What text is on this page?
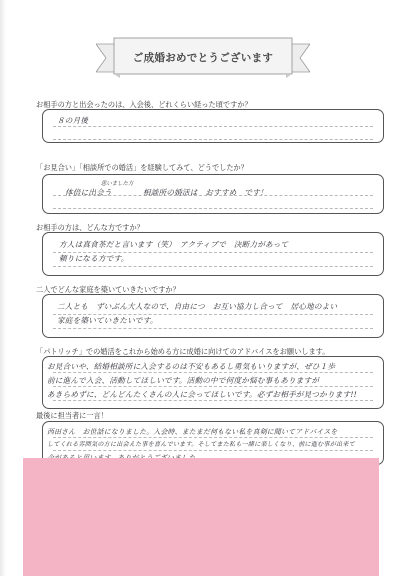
ご成婚おめでとうございます
お相手の方と出会ったのは、入会後、どれくらい経った頃ですか？
８の月後
「お見合い」「相談所での婚活」を経験してみて、どうでしたか？
思いました方
体倍に出会う　　　　相談所の婚活は　おすすめ　です！
お相手の方は、どんな方ですか？
方人は真食茶だと言います（笑）　アクティブで　決断力があって
頼りになる方です。
二人でどんな家庭を築いていきたいですか？
二人とも　ずいぶん大人なので、自由につ　お互い協力し合って　居心地のよい
家庭を築いていきたいです。
「パトリッチ」での婚活をこれから始める方に成婚に向けてのアドバイスをお願いします。
お見合いや、結婚相談所に入会するのは不安もあるし勇気もいりますが、ぜひ１歩
前に進んで入会、活動してほしいです。活動の中で何度か悩む事もありますが
あきらめずに、どんどんたくさんの人に会ってほしいです。必ずお相手が見つかります!!
最後に担当者に一言！
西田さん　お世話になりました。入会時、またまだ何もない私を真剣に聞いてアドバイスを
してくれる雰囲気の方に出会えた事を喜んでいます。そしてまた私も一緒に楽しくなり、前に進む事が出来て
